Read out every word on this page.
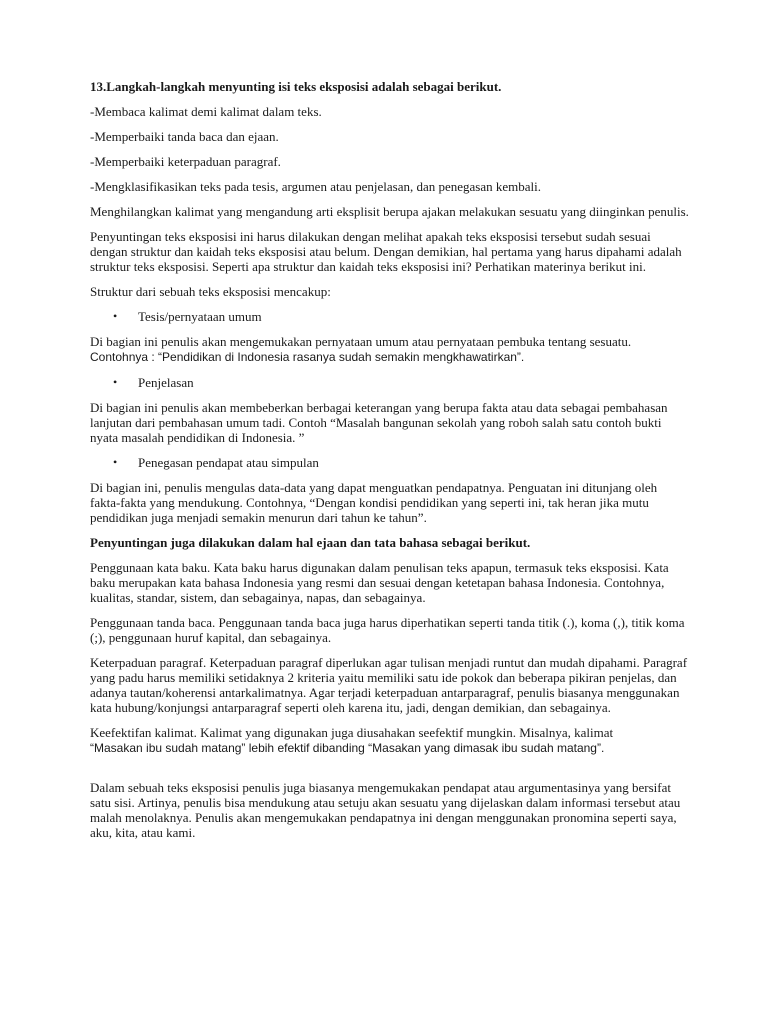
13.Langkah-langkah menyunting isi teks eksposisi adalah sebagai berikut.
-Membaca kalimat demi kalimat dalam teks.
-Memperbaiki tanda baca dan ejaan.
-Memperbaiki keterpaduan paragraf.
-Mengklasifikasikan teks pada tesis, argumen atau penjelasan, dan penegasan kembali.
Menghilangkan kalimat yang mengandung arti eksplisit berupa ajakan melakukan sesuatu yang diinginkan penulis.
Penyuntingan teks eksposisi ini harus dilakukan dengan melihat apakah teks eksposisi tersebut sudah sesuai dengan struktur dan kaidah teks eksposisi atau belum. Dengan demikian, hal pertama yang harus dipahami adalah struktur teks eksposisi. Seperti apa struktur dan kaidah teks eksposisi ini? Perhatikan materinya berikut ini.
Struktur dari sebuah teks eksposisi mencakup:
•	Tesis/pernyataan umum
Di bagian ini penulis akan mengemukakan pernyataan umum atau pernyataan pembuka tentang sesuatu.
Contohnya : “Pendidikan di Indonesia rasanya sudah semakin mengkhawatirkan”.
•	Penjelasan
Di bagian ini penulis akan membeberkan berbagai keterangan yang berupa fakta atau data sebagai pembahasan lanjutan dari pembahasan umum tadi. Contoh “Masalah bangunan sekolah yang roboh salah satu contoh bukti nyata masalah pendidikan di Indonesia. ”
•	Penegasan pendapat atau simpulan
Di bagian ini, penulis mengulas data-data yang dapat menguatkan pendapatnya. Penguatan ini ditunjang oleh fakta-fakta yang mendukung. Contohnya, “Dengan kondisi pendidikan yang seperti ini, tak heran jika mutu pendidikan juga menjadi semakin menurun dari tahun ke tahun”.
Penyuntingan juga dilakukan dalam hal ejaan dan tata bahasa sebagai berikut.
Penggunaan kata baku. Kata baku harus digunakan dalam penulisan teks apapun, termasuk teks eksposisi. Kata baku merupakan kata bahasa Indonesia yang resmi dan sesuai dengan ketetapan bahasa Indonesia. Contohnya, kualitas, standar, sistem, dan sebagainya, napas, dan sebagainya.
Penggunaan tanda baca. Penggunaan tanda baca juga harus diperhatikan seperti tanda titik (.), koma (,), titik koma (;), penggunaan huruf kapital, dan sebagainya.
Keterpaduan paragraf. Keterpaduan paragraf diperlukan agar tulisan menjadi runtut dan mudah dipahami. Paragraf yang padu harus memiliki setidaknya 2 kriteria yaitu memiliki satu ide pokok dan beberapa pikiran penjelas, dan adanya tautan/koherensi antarkalimatnya. Agar terjadi keterpaduan antarparagraf, penulis biasanya menggunakan kata hubung/konjungsi antarparagraf seperti oleh karena itu, jadi, dengan demikian, dan sebagainya.
Keefektifan kalimat. Kalimat yang digunakan juga diusahakan seefektif mungkin. Misalnya, kalimat
“Masakan ibu sudah matang” lebih efektif dibanding “Masakan yang dimasak ibu sudah matang”.
Dalam sebuah teks eksposisi penulis juga biasanya mengemukakan pendapat atau argumentasinya yang bersifat satu sisi. Artinya, penulis bisa mendukung atau setuju akan sesuatu yang dijelaskan dalam informasi tersebut atau malah menolaknya. Penulis akan mengemukakan pendapatnya ini dengan menggunakan pronomina seperti saya, aku, kita, atau kami.
